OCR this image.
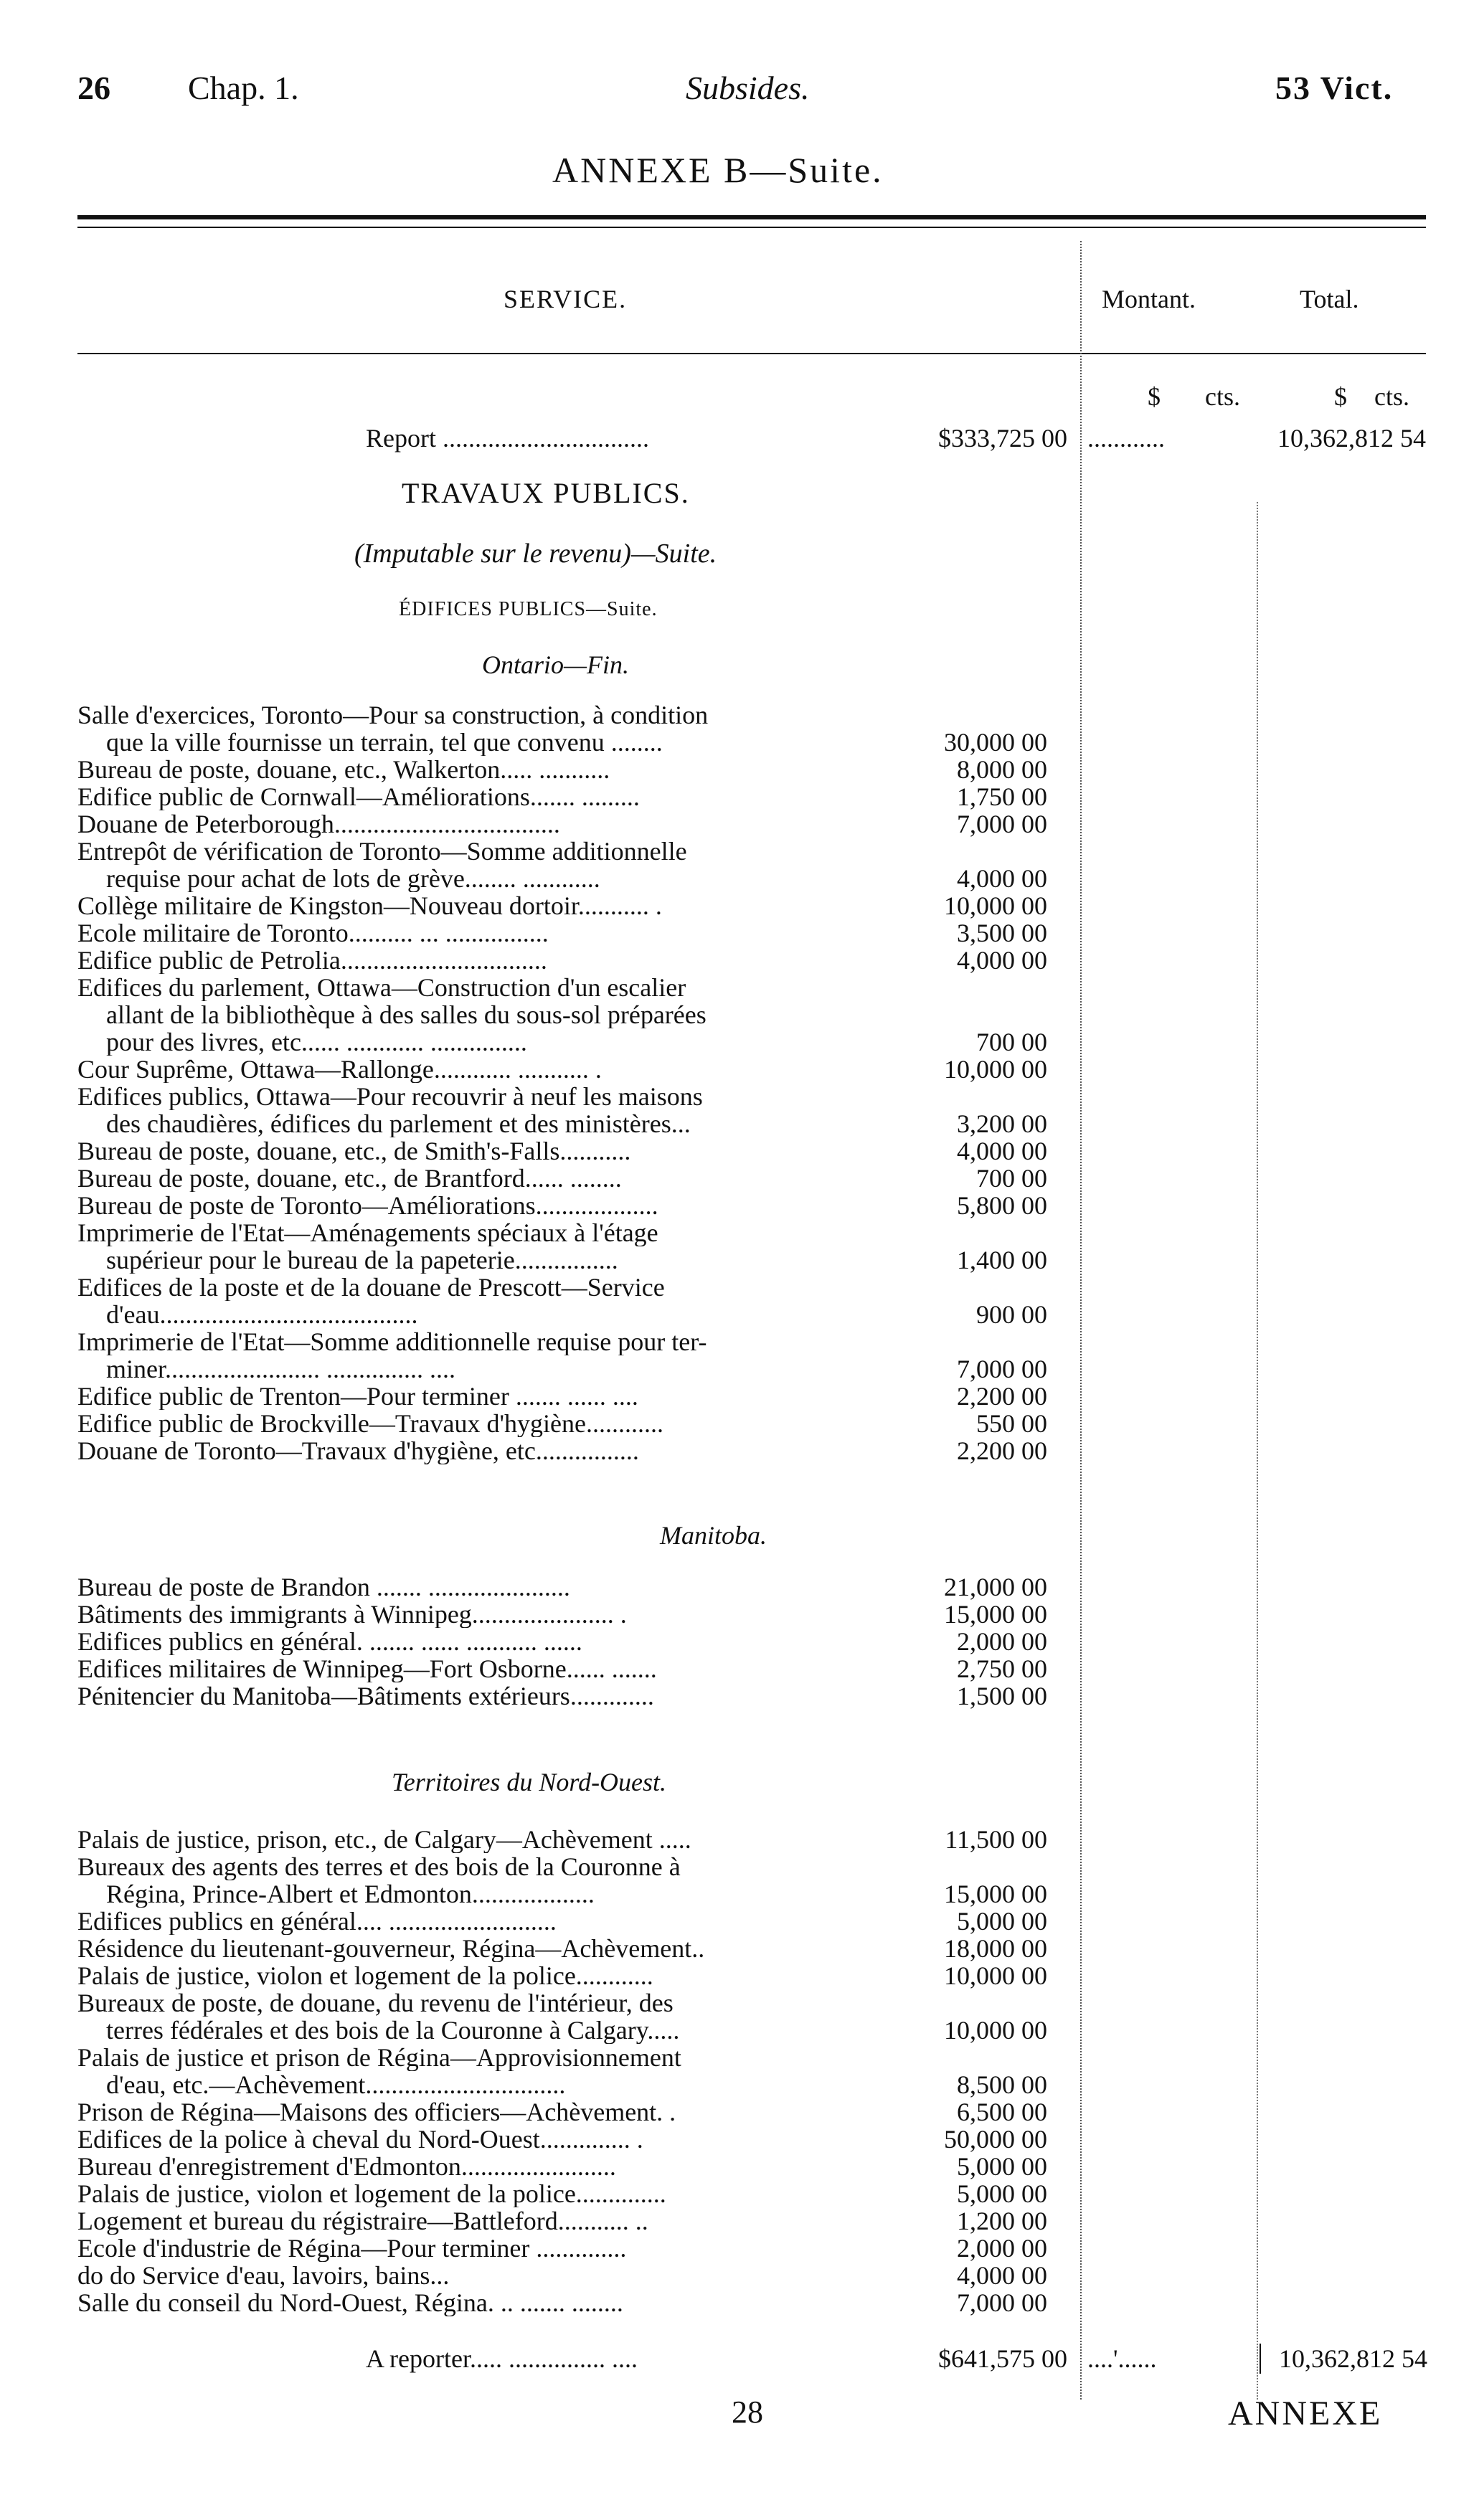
26 Chap. 1.	Subsides.	53 Vict.
ANNEXE B—Suite.
SERVICE.	Montant.	Total.
$ cts.	$ cts.
Report ................................	$333,725 00 ............	10,362,812 54
TRAVAUX PUBLICS.
(Imputable sur le revenu)—Suite.
ÉDIFICES PUBLICS—Suite.
Ontario—Fin.
Salle d'exercices, Toronto—Pour sa construction, à condition
que la ville fournisse un terrain, tel que convenu ........	30,000 00
Bureau de poste, douane, etc., Walkerton..... ...........	8,000 00
Edifice public de Cornwall—Améliorations....... .........	1,750 00
Douane de Peterborough...................................	7,000 00
Entrepôt de vérification de Toronto—Somme additionnelle
requise pour achat de lots de grève........ ............	4,000 00
Collège militaire de Kingston—Nouveau dortoir........... .	10,000 00
Ecole militaire de Toronto.......... ... ................	3,500 00
Edifice public de Petrolia................................	4,000 00
Edifices du parlement, Ottawa—Construction d'un escalier
allant de la bibliothèque à des salles du sous-sol préparées
pour des livres, etc...... ............ ...............	700 00
Cour Suprême, Ottawa—Rallonge............ ........... .	10,000 00
Edifices publics, Ottawa—Pour recouvrir à neuf les maisons
des chaudières, édifices du parlement et des ministères...	3,200 00
Bureau de poste, douane, etc., de Smith's-Falls...........	4,000 00
Bureau de poste, douane, etc., de Brantford...... ........	700 00
Bureau de poste de Toronto—Améliorations...................	5,800 00
Imprimerie de l'Etat—Aménagements spéciaux à l'étage
supérieur pour le bureau de la papeterie................	1,400 00
Edifices de la poste et de la douane de Prescott—Service
d'eau........................................	900 00
Imprimerie de l'Etat—Somme additionnelle requise pour ter-
miner........................ ............... ....	7,000 00
Edifice public de Trenton—Pour terminer ....... ...... ....	2,200 00
Edifice public de Brockville—Travaux d'hygiène............	550 00
Douane de Toronto—Travaux d'hygiène, etc................	2,200 00
Manitoba.
Bureau de poste de Brandon ....... ......................	21,000 00
Bâtiments des immigrants à Winnipeg...................... .	15,000 00
Edifices publics en général. ....... ...... ........... ......	2,000 00
Edifices militaires de Winnipeg—Fort Osborne...... .......	2,750 00
Pénitencier du Manitoba—Bâtiments extérieurs.............	1,500 00
Territoires du Nord-Ouest.
Palais de justice, prison, etc., de Calgary—Achèvement .....	11,500 00
Bureaux des agents des terres et des bois de la Couronne à
Régina, Prince-Albert et Edmonton...................	15,000 00
Edifices publics en général.... ..........................	5,000 00
Résidence du lieutenant-gouverneur, Régina—Achèvement..	18,000 00
Palais de justice, violon et logement de la police............	10,000 00
Bureaux de poste, de douane, du revenu de l'intérieur, des
terres fédérales et des bois de la Couronne à Calgary.....	10,000 00
Palais de justice et prison de Régina—Approvisionnement
d'eau, etc.—Achèvement...............................	8,500 00
Prison de Régina—Maisons des officiers—Achèvement. .	6,500 00
Edifices de la police à cheval du Nord-Ouest.............. .	50,000 00
Bureau d'enregistrement d'Edmonton........................	5,000 00
Palais de justice, violon et logement de la police..............	5,000 00
Logement et bureau du régistraire—Battleford........... ..	1,200 00
Ecole d'industrie de Régina—Pour terminer ..............	2,000 00
do do Service d'eau, lavoirs, bains...	4,000 00
Salle du conseil du Nord-Ouest, Régina. .. ....... ........	7,000 00
A reporter..... ............... ....	$641,575 00 ....'......	10,362,812 54
28	ANNEXE
